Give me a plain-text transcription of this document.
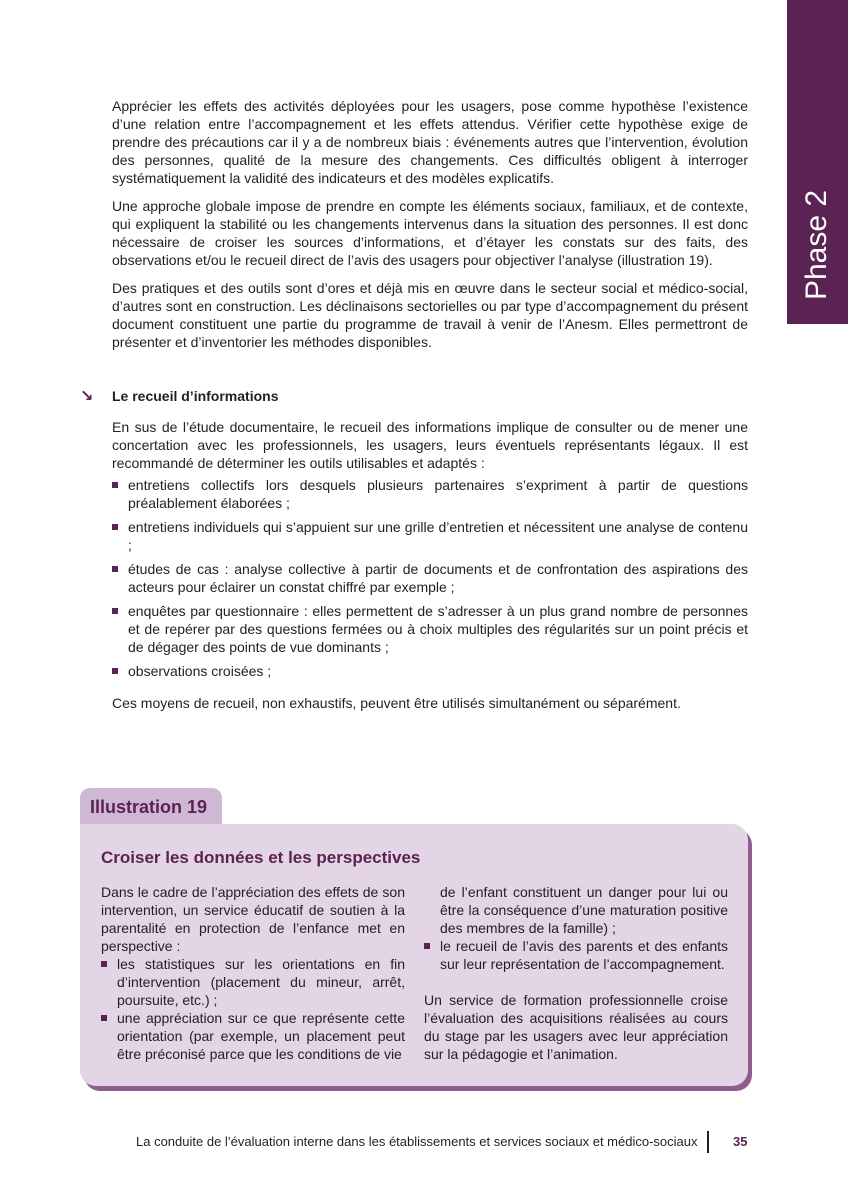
Phase 2

Apprécier les effets des activités déployées pour les usagers, pose comme hypothèse l’existence d’une relation entre l’accompagnement et les effets attendus. Vérifier cette hypothèse exige de prendre des précautions car il y a de nombreux biais : événements autres que l’intervention, évolution des personnes, qualité de la mesure des changements. Ces difficultés obligent à interroger systématiquement la validité des indicateurs et des modèles explicatifs.

Une approche globale impose de prendre en compte les éléments sociaux, familiaux, et de contexte, qui expliquent la stabilité ou les changements intervenus dans la situation des personnes. Il est donc nécessaire de croiser les sources d’informations, et d’étayer les constats sur des faits, des observations et/ou le recueil direct de l’avis des usagers pour objectiver l’analyse (illustration 19).

Des pratiques et des outils sont d’ores et déjà mis en œuvre dans le secteur social et médico-social, d’autres sont en construction. Les déclinaisons sectorielles ou par type d’accompagnement du présent document constituent une partie du programme de travail à venir de l’Anesm. Elles permettront de présenter et d’inventorier les méthodes disponibles.

↘ Le recueil d’informations

En sus de l’étude documentaire, le recueil des informations implique de consulter ou de mener une concertation avec les professionnels, les usagers, leurs éventuels représentants légaux. Il est recommandé de déterminer les outils utilisables et adaptés :

entretiens collectifs lors desquels plusieurs partenaires s’expriment à partir de questions préalablement élaborées ;
entretiens individuels qui s’appuient sur une grille d’entretien et nécessitent une analyse de contenu ;
études de cas : analyse collective à partir de documents et de confrontation des aspirations des acteurs pour éclairer un constat chiffré par exemple ;
enquêtes par questionnaire : elles permettent de s’adresser à un plus grand nombre de personnes et de repérer par des questions fermées ou à choix multiples des régularités sur un point précis et de dégager des points de vue dominants ;
observations croisées ;

Ces moyens de recueil, non exhaustifs, peuvent être utilisés simultanément ou séparément.

Illustration 19
Croiser les données et les perspectives

Dans le cadre de l’appréciation des effets de son intervention, un service éducatif de soutien à la parentalité en protection de l’enfance met en perspective :

les statistiques sur les orientations en fin d’intervention (placement du mineur, arrêt, poursuite, etc.) ;
une appréciation sur ce que représente cette orientation (par exemple, un placement peut être préconisé parce que les conditions de vie

de l’enfant constituent un danger pour lui ou être la conséquence d’une maturation positive des membres de la famille) ;

le recueil de l’avis des parents et des enfants sur leur représentation de l’accompagnement.

Un service de formation professionnelle croise l’évaluation des acquisitions réalisées au cours du stage par les usagers avec leur appréciation sur la pédagogie et l’animation.

La conduite de l’évaluation interne dans les établissements et services sociaux et médico-sociaux	35
